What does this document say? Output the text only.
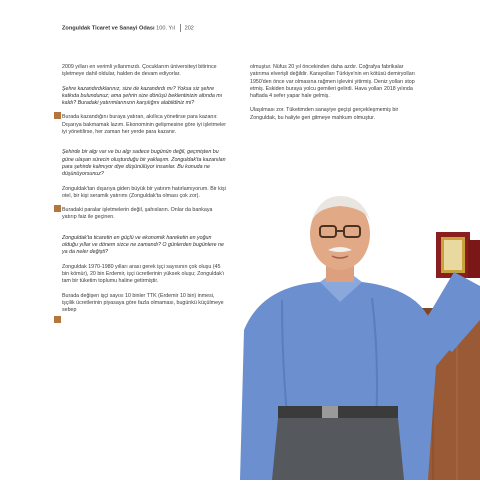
Zonguldak Ticaret ve Sanayi Odası 100. Yıl 202

2009 yılları en verimli yıllarımızdı. Çocuklarım üniversiteyi bitirince işletmeye dahil oldular, halden de devam ediyorlar.

Şehre kazandırdıklarınız, size de kazandırdı mı? Yoksa siz şehre katkıda bulundunuz; ama şehrin size dönüşü beklentinizin altında mı kaldı? Buradaki yatırımlarınızın karşılığını alabildiniz mi?

Burada kazandığını buraya yatıran, akıllıca yönetirse para kazanır. Dışarıya bakmamak lazım. Ekonominin gelişmesine göre iyi işletmeler iyi yönetilirse, her zaman her yerde para kazanır.

Şehirde bir algı var ve bu algı sadece bugünün değil, geçmişten bu güne ulaşan sürecin oluşturduğu bir yaklaşım. Zonguldak'ta kazanılan para şehirde kalmıyor diye düşünülüyor insanlar. Bu konuda ne düşünüyorsunuz?

Zonguldak'tan dışarıya giden büyük bir yatırım hatırlamıyorum. Bir kişi otel, bir kişi seramik yatırımı (Zonguldak'ta olması çok zor).

Buradaki paralar işletmelerin değil, şahısların. Onlar da bankaya yatırıp faiz ile geçinen.

Zonguldak'ta ticaretin en güçlü ve ekonomik hareketin en yoğun olduğu yıllar ve dönem sizce ne zamandı? O günlerden bugünlere ne ya da neler değişti?

Zonguldak 1970-1980 yılları arası gerek işçi sayısının çok oluşu (45 bin kömür), 20 bin Erdemir, işçi ücretlerinin yüksek oluşu; Zonguldak'ı tam bir tüketim toplumu haline getirmiştir.

Burada değişen işçi sayısı 10 binler TTK (Erdemir 10 bin) inmesi, işçilik ücretlerinin piyasaya göre fazla olmaması, bugünkü küçülmeye sebep

olmuştur. Nüfus 20 yıl öncekinden daha azdır. Coğrafya fabrikalar yatırıma elverişli değildir. Karayolları Türkiye'nin en kötüsü demiryolları 1950'den önce var olmasına rağmen işlevini yitirmiş. Deniz yolları stop etmiş. Eskiden buraya yolcu gemileri gelirdi. Hava yolları 2018 yılında haftada 4 sefer yapar hale gelmiş.

Ulaşılması zor. Tüketimden sanayiye geçişi gerçekleşmemiş bir Zonguldak, bu haliyle geri gitmeye mahkum olmuştur.
